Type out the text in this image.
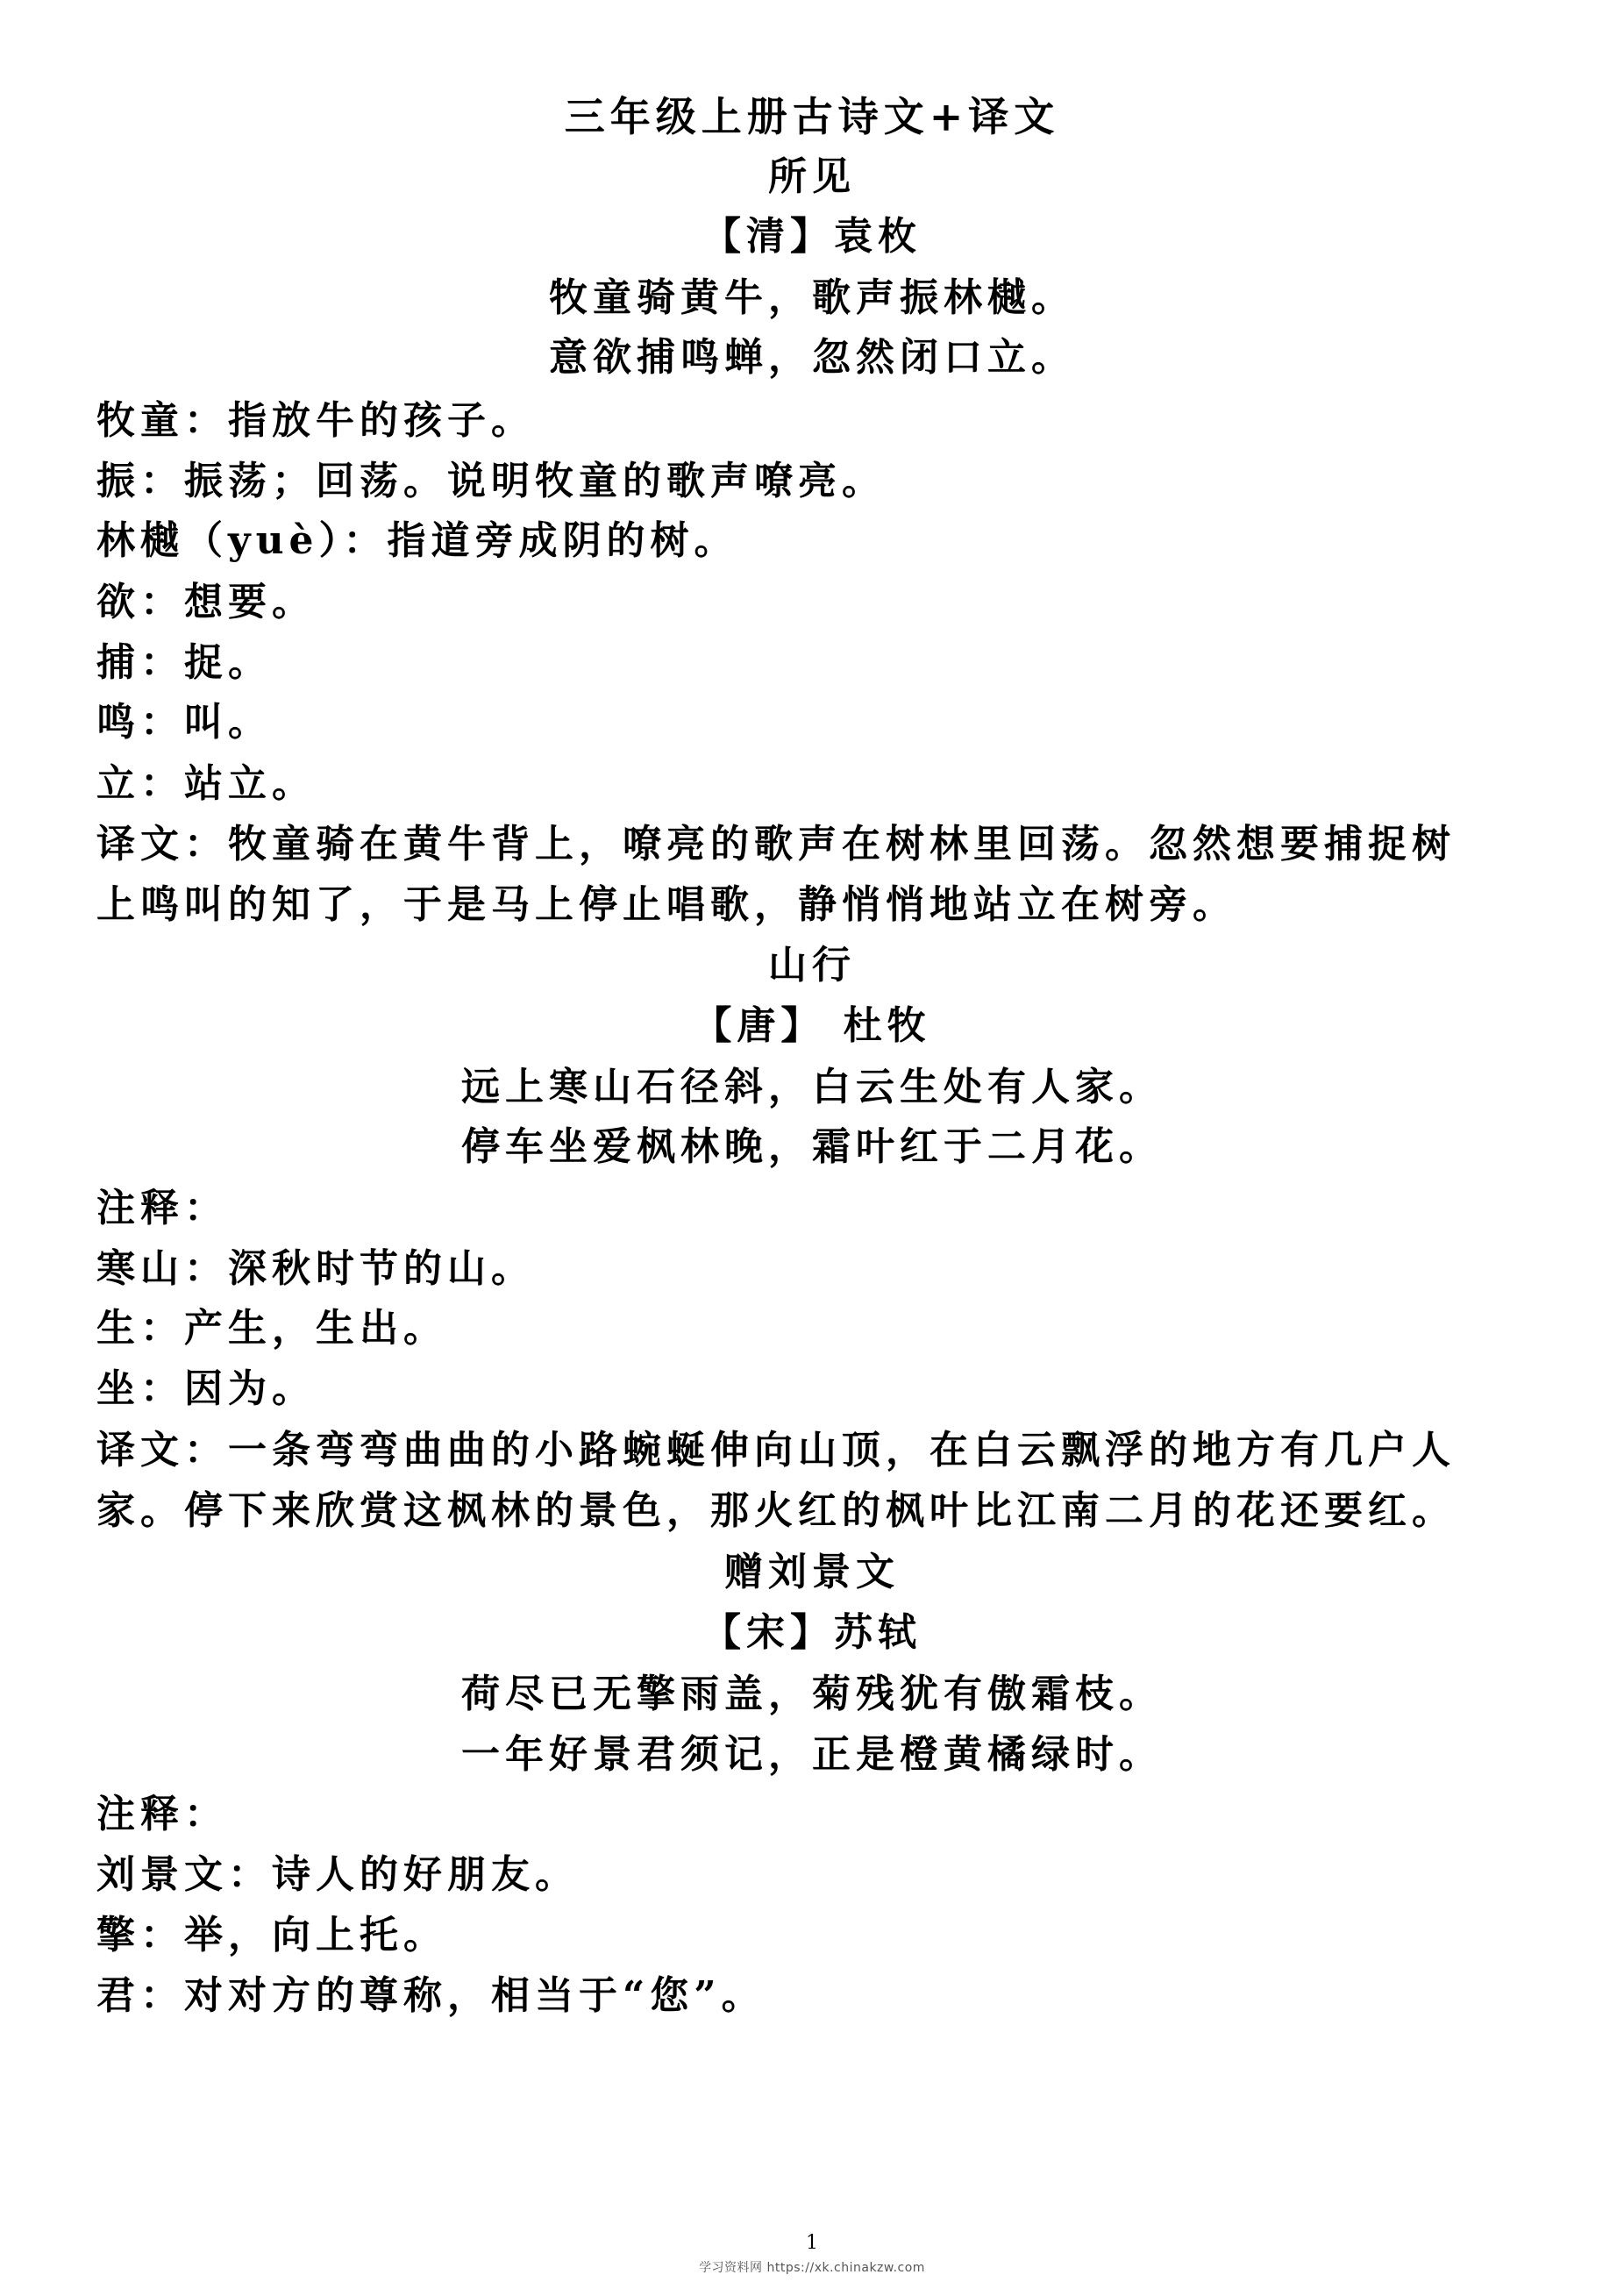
三年级上册古诗文+译文
所见
【清】袁枚
牧童骑黄牛，歌声振林樾。
意欲捕鸣蝉，忽然闭口立。
牧童：指放牛的孩子。
振：振荡；回荡。说明牧童的歌声嘹亮。
林樾（yuè）：指道旁成阴的树。
欲：想要。
捕：捉。
鸣：叫。
立：站立。
译文：牧童骑在黄牛背上，嘹亮的歌声在树林里回荡。忽然想要捕捉树
上鸣叫的知了，于是马上停止唱歌，静悄悄地站立在树旁。
山行
【唐】 杜牧
远上寒山石径斜，白云生处有人家。
停车坐爱枫林晚，霜叶红于二月花。
注释：
寒山：深秋时节的山。
生：产生，生出。
坐：因为。
译文：一条弯弯曲曲的小路蜿蜒伸向山顶，在白云飘浮的地方有几户人
家。停下来欣赏这枫林的景色，那火红的枫叶比江南二月的花还要红。
赠刘景文
【宋】苏轼
荷尽已无擎雨盖，菊残犹有傲霜枝。
一年好景君须记，正是橙黄橘绿时。
注释：
刘景文：诗人的好朋友。
擎：举，向上托。
君：对对方的尊称，相当于“您”。
1
学习资料网 https://xk.chinakzw.com
